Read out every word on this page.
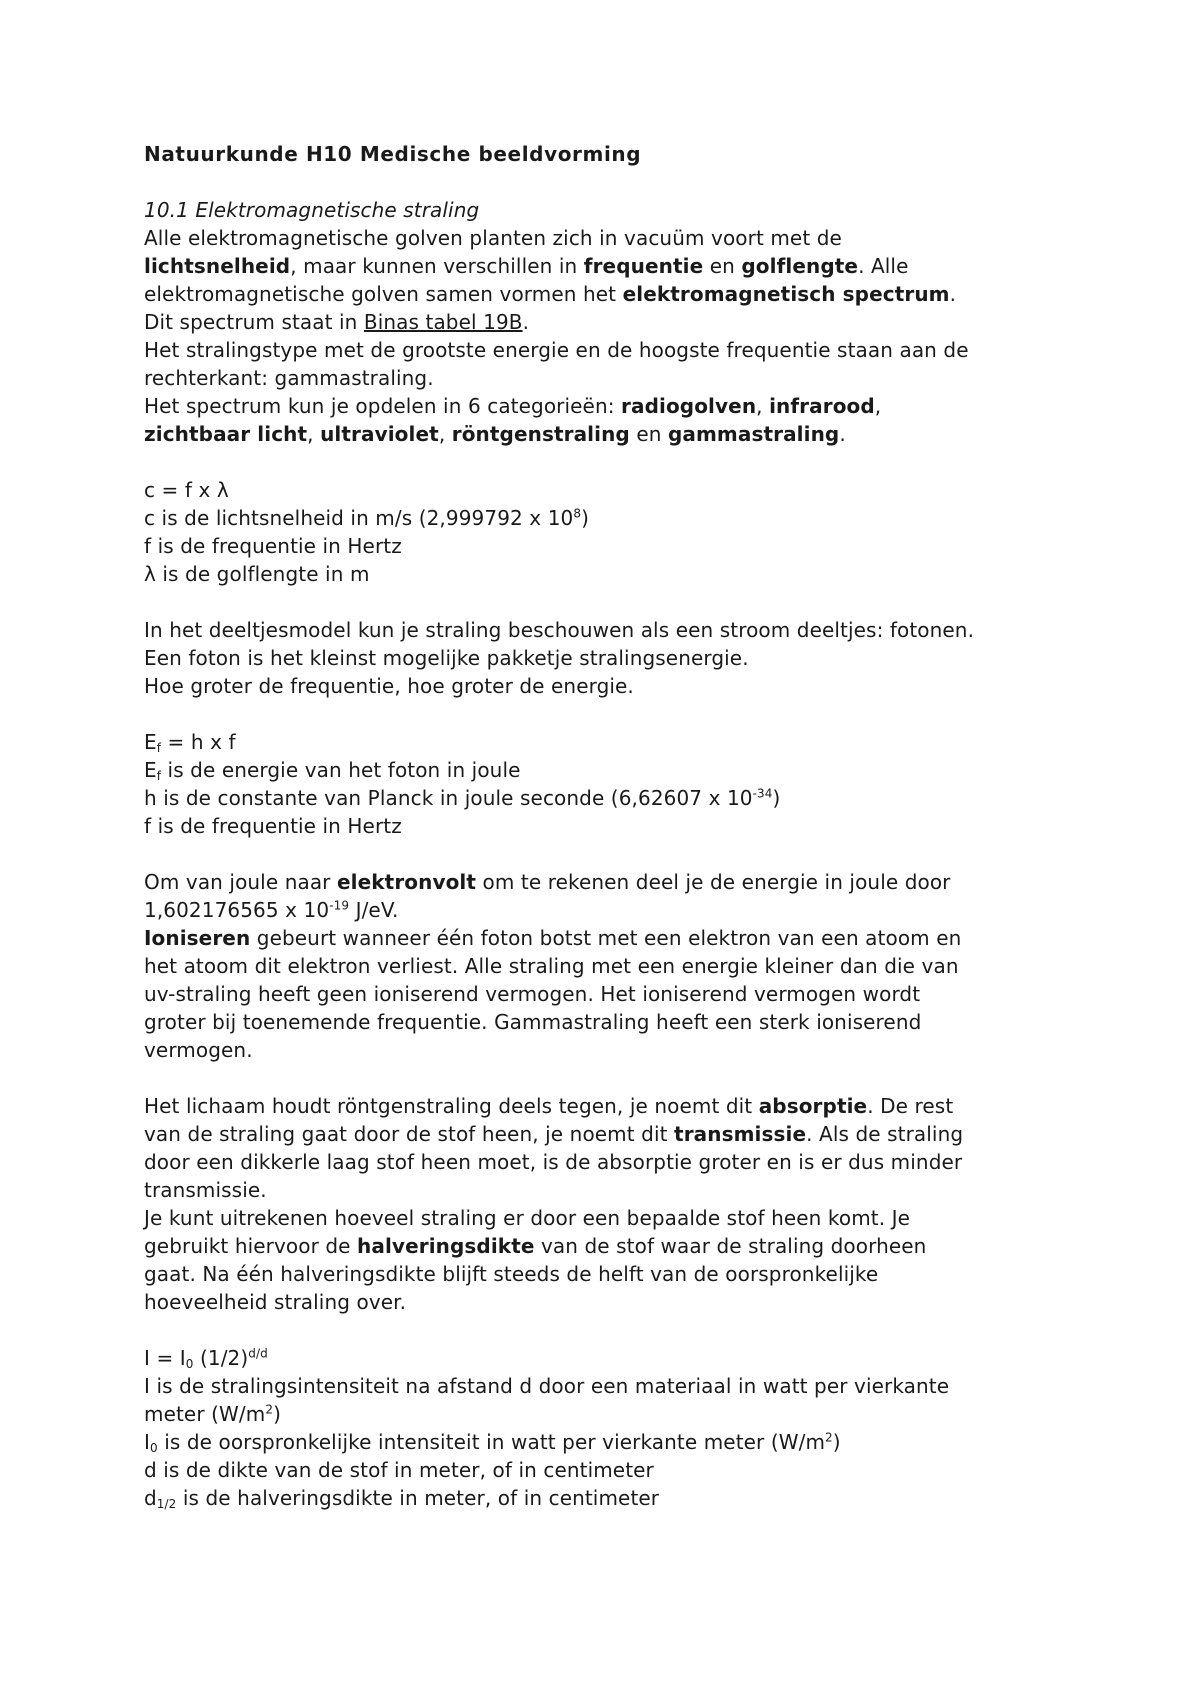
Natuurkunde H10 Medische beeldvorming
10.1 Elektromagnetische straling
Alle elektromagnetische golven planten zich in vacuüm voort met de
lichtsnelheid, maar kunnen verschillen in frequentie en golflengte. Alle
elektromagnetische golven samen vormen het elektromagnetisch spectrum.
Dit spectrum staat in Binas tabel 19B.
Het stralingstype met de grootste energie en de hoogste frequentie staan aan de
rechterkant: gammastraling.
Het spectrum kun je opdelen in 6 categorieën: radiogolven, infrarood,
zichtbaar licht, ultraviolet, röntgenstraling en gammastraling.
c = f x λ
c is de lichtsnelheid in m/s (2,999792 x $10^8$)
f is de frequentie in Hertz
λ is de golflengte in m
In het deeltjesmodel kun je straling beschouwen als een stroom deeltjes: fotonen.
Een foton is het kleinst mogelijke pakketje stralingsenergie.
Hoe groter de frequentie, hoe groter de energie.
Ef = h x f
Ef is de energie van het foton in joule
h is de constante van Planck in joule seconde (6,62607 x $10^{-34}$)
f is de frequentie in Hertz
Om van joule naar elektronvolt om te rekenen deel je de energie in joule door
1,602176565 x $10^{-19}$ J/eV.
Ioniseren gebeurt wanneer één foton botst met een elektron van een atoom en
het atoom dit elektron verliest. Alle straling met een energie kleiner dan die van
uv-straling heeft geen ioniserend vermogen. Het ioniserend vermogen wordt
groter bij toenemende frequentie. Gammastraling heeft een sterk ioniserend
vermogen.
Het lichaam houdt röntgenstraling deels tegen, je noemt dit absorptie. De rest
van de straling gaat door de stof heen, je noemt dit transmissie. Als de straling
door een dikkerle laag stof heen moet, is de absorptie groter en is er dus minder
transmissie.
Je kunt uitrekenen hoeveel straling er door een bepaalde stof heen komt. Je
gebruikt hiervoor de halveringsdikte van de stof waar de straling doorheen
gaat. Na één halveringsdikte blijft steeds de helft van de oorspronkelijke
hoeveelheid straling over.
I = I0 $(1/2)^{d/d}$
I is de stralingsintensiteit na afstand d door een materiaal in watt per vierkante
meter $(W/m^2)$
I0 is de oorspronkelijke intensiteit in watt per vierkante meter $(W/m^2)$
d is de dikte van de stof in meter, of in centimeter
d1/2 is de halveringsdikte in meter, of in centimeter
